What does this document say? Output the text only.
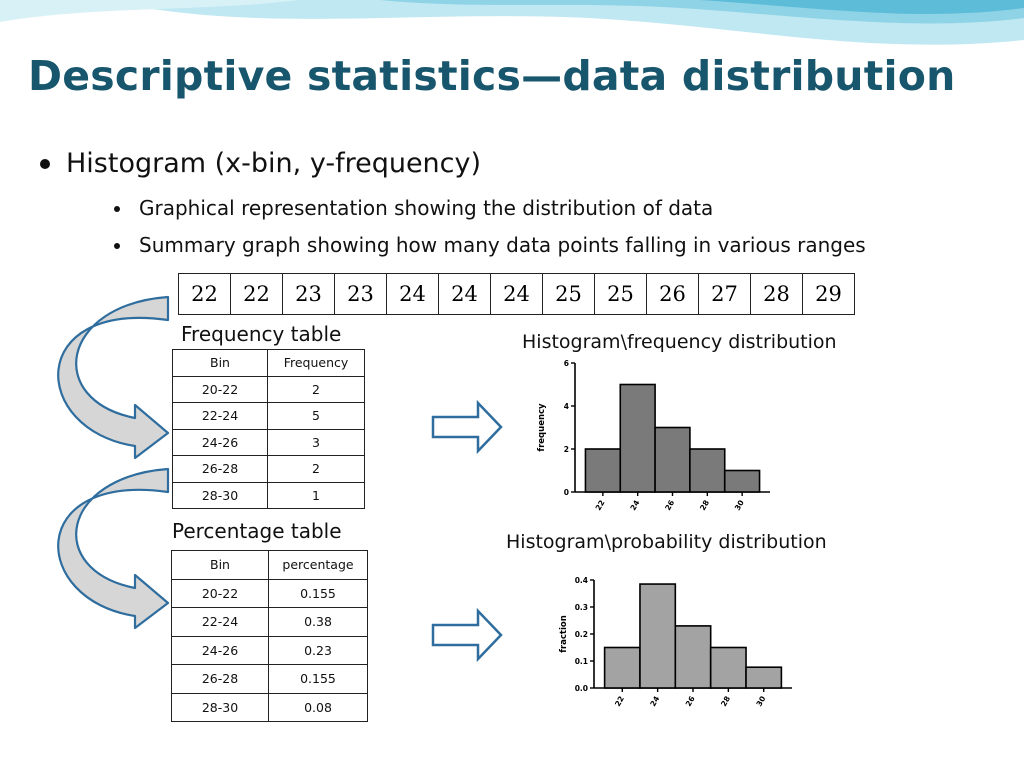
Descriptive statistics—data distribution
Histogram (x-bin, y-frequency)
Graphical representation showing the distribution of data
Summary graph showing how many data points falling in various ranges
22	22	23	23	24	24	24	25	25	26	27	28	29
Frequency table
Bin	Frequency
20-22	2
22-24	5
24-26	3
26-28	2
28-30	1
Percentage table
Bin	percentage
20-22	0.155
22-24	0.38
24-26	0.23
26-28	0.155
28-30	0.08
Histogram\frequency distribution
0
2
4
6
22	24	26	28	30
frequency
Histogram\probability distribution
0.0
0.1
0.2
0.3
0.4
22	24	26	28	30
fraction
